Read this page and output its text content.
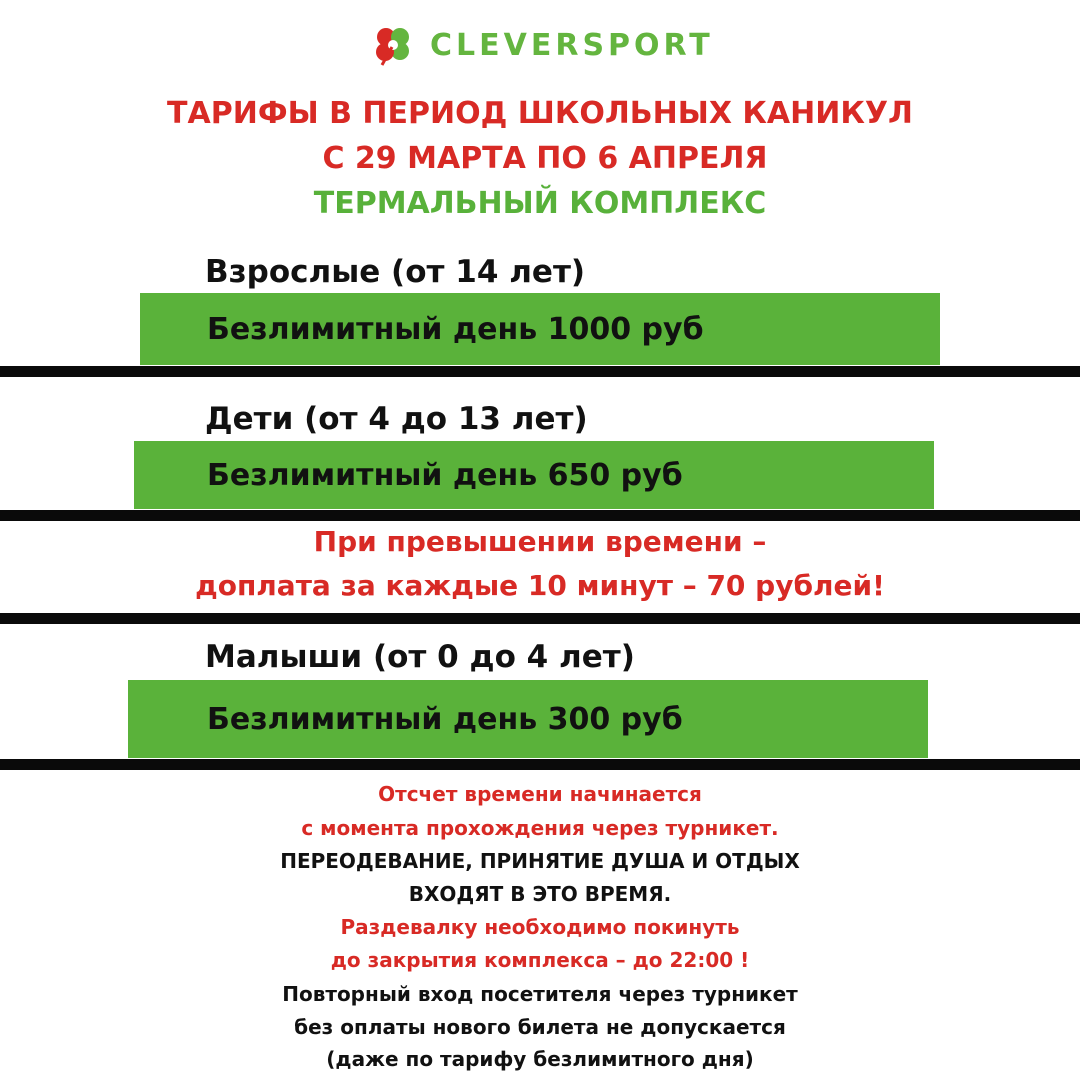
CLEVERSPORT
ТАРИФЫ В ПЕРИОД ШКОЛЬНЫХ КАНИКУЛ
С 29 МАРТА ПО 6 АПРЕЛЯ
ТЕРМАЛЬНЫЙ КОМПЛЕКС
Взрослые (от 14 лет)
Безлимитный день 1000 руб
Дети (от 4 до 13 лет)
Безлимитный день 650 руб
При превышении времени –
доплата за каждые 10 минут – 70 рублей!
Малыши (от 0 до 4 лет)
Безлимитный день 300 руб
Отсчет времени начинается
с момента прохождения через турникет.
ПЕРЕОДЕВАНИЕ, ПРИНЯТИЕ ДУША И ОТДЫХ
ВХОДЯТ В ЭТО ВРЕМЯ.
Раздевалку необходимо покинуть
до закрытия комплекса – до 22:00 !
Повторный вход посетителя через турникет
без оплаты нового билета не допускается
(даже по тарифу безлимитного дня)
